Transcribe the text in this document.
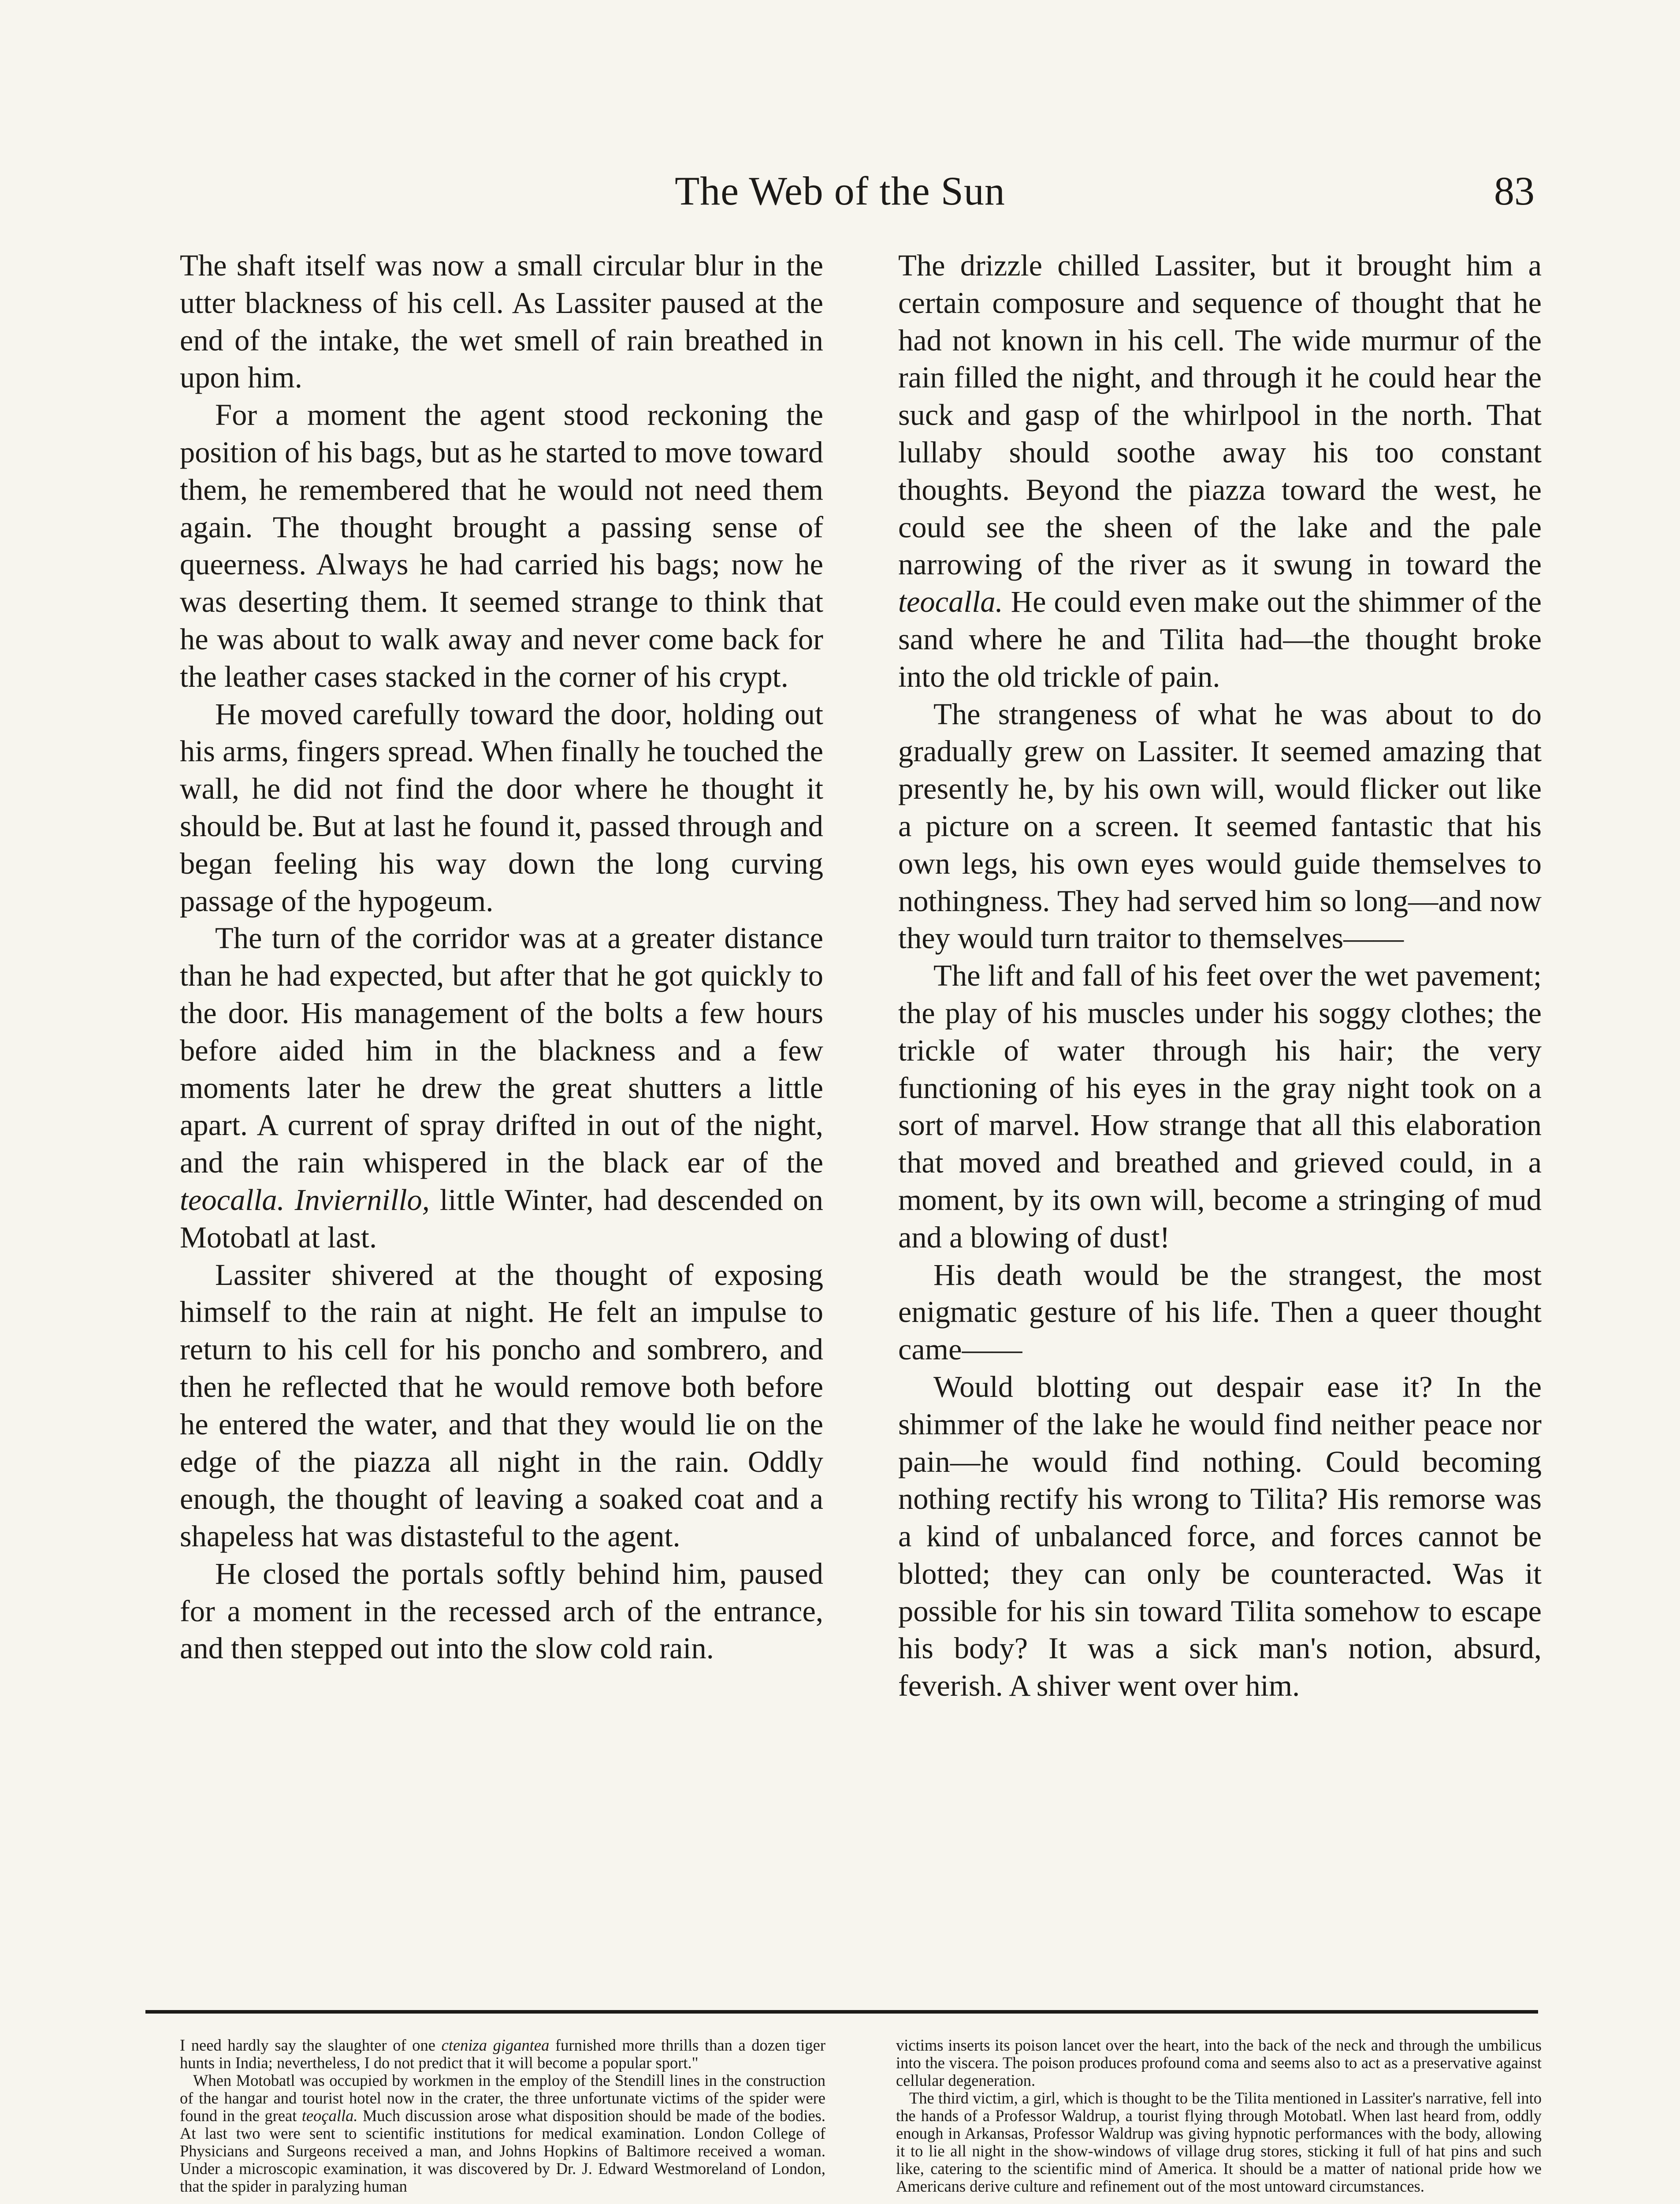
The Web of the Sun	83

The shaft itself was now a small circular blur in the utter blackness of his cell. As Lassiter paused at the end of the intake, the wet smell of rain breathed in upon him.

For a moment the agent stood reckoning the position of his bags, but as he started to move toward them, he remembered that he would not need them again. The thought brought a passing sense of queerness. Always he had carried his bags; now he was deserting them. It seemed strange to think that he was about to walk away and never come back for the leather cases stacked in the corner of his crypt.

He moved carefully toward the door, holding out his arms, fingers spread. When finally he touched the wall, he did not find the door where he thought it should be. But at last he found it, passed through and began feeling his way down the long curving passage of the hypogeum.

The turn of the corridor was at a greater distance than he had expected, but after that he got quickly to the door. His management of the bolts a few hours before aided him in the blackness and a few moments later he drew the great shutters a little apart. A current of spray drifted in out of the night, and the rain whispered in the black ear of the teocalla. Inviernillo, little Winter, had descended on Motobatl at last.

Lassiter shivered at the thought of exposing himself to the rain at night. He felt an impulse to return to his cell for his poncho and sombrero, and then he reflected that he would remove both before he entered the water, and that they would lie on the edge of the piazza all night in the rain. Oddly enough, the thought of leaving a soaked coat and a shapeless hat was distasteful to the agent.

He closed the portals softly behind him, paused for a moment in the recessed arch of the entrance, and then stepped out into the slow cold rain.

The drizzle chilled Lassiter, but it brought him a certain composure and sequence of thought that he had not known in his cell. The wide murmur of the rain filled the night, and through it he could hear the suck and gasp of the whirlpool in the north. That lullaby should soothe away his too constant thoughts. Beyond the piazza toward the west, he could see the sheen of the lake and the pale narrowing of the river as it swung in toward the teocalla. He could even make out the shimmer of the sand where he and Tilita had—the thought broke into the old trickle of pain.

The strangeness of what he was about to do gradually grew on Lassiter. It seemed amazing that presently he, by his own will, would flicker out like a picture on a screen. It seemed fantastic that his own legs, his own eyes would guide themselves to nothingness. They had served him so long—and now they would turn traitor to themselves——

The lift and fall of his feet over the wet pavement; the play of his muscles under his soggy clothes; the trickle of water through his hair; the very functioning of his eyes in the gray night took on a sort of marvel. How strange that all this elaboration that moved and breathed and grieved could, in a moment, by its own will, become a stringing of mud and a blowing of dust!

His death would be the strangest, the most enigmatic gesture of his life. Then a queer thought came——

Would blotting out despair ease it? In the shimmer of the lake he would find neither peace nor pain—he would find nothing. Could becoming nothing rectify his wrong to Tilita? His remorse was a kind of unbalanced force, and forces cannot be blotted; they can only be counteracted. Was it possible for his sin toward Tilita somehow to escape his body? It was a sick man's notion, absurd, feverish. A shiver went over him.

I need hardly say the slaughter of one cteniza gigantea furnished more thrills than a dozen tiger hunts in India; nevertheless, I do not predict that it will become a popular sport."

When Motobatl was occupied by workmen in the employ of the Stendill lines in the construction of the hangar and tourist hotel now in the crater, the three unfortunate victims of the spider were found in the great teoçalla. Much discussion arose what disposition should be made of the bodies. At last two were sent to scientific institutions for medical examination. London College of Physicians and Surgeons received a man, and Johns Hopkins of Baltimore received a woman. Under a microscopic examination, it was discovered by Dr. J. Edward Westmoreland of London, that the spider in paralyzing human

victims inserts its poison lancet over the heart, into the back of the neck and through the umbilicus into the viscera. The poison produces profound coma and seems also to act as a preservative against cellular degeneration.

The third victim, a girl, which is thought to be the Tilita mentioned in Lassiter's narrative, fell into the hands of a Professor Waldrup, a tourist flying through Motobatl. When last heard from, oddly enough in Arkansas, Professor Waldrup was giving hypnotic performances with the body, allowing it to lie all night in the show-windows of village drug stores, sticking it full of hat pins and such like, catering to the scientific mind of America. It should be a matter of national pride how we Americans derive culture and refinement out of the most untoward circumstances.
